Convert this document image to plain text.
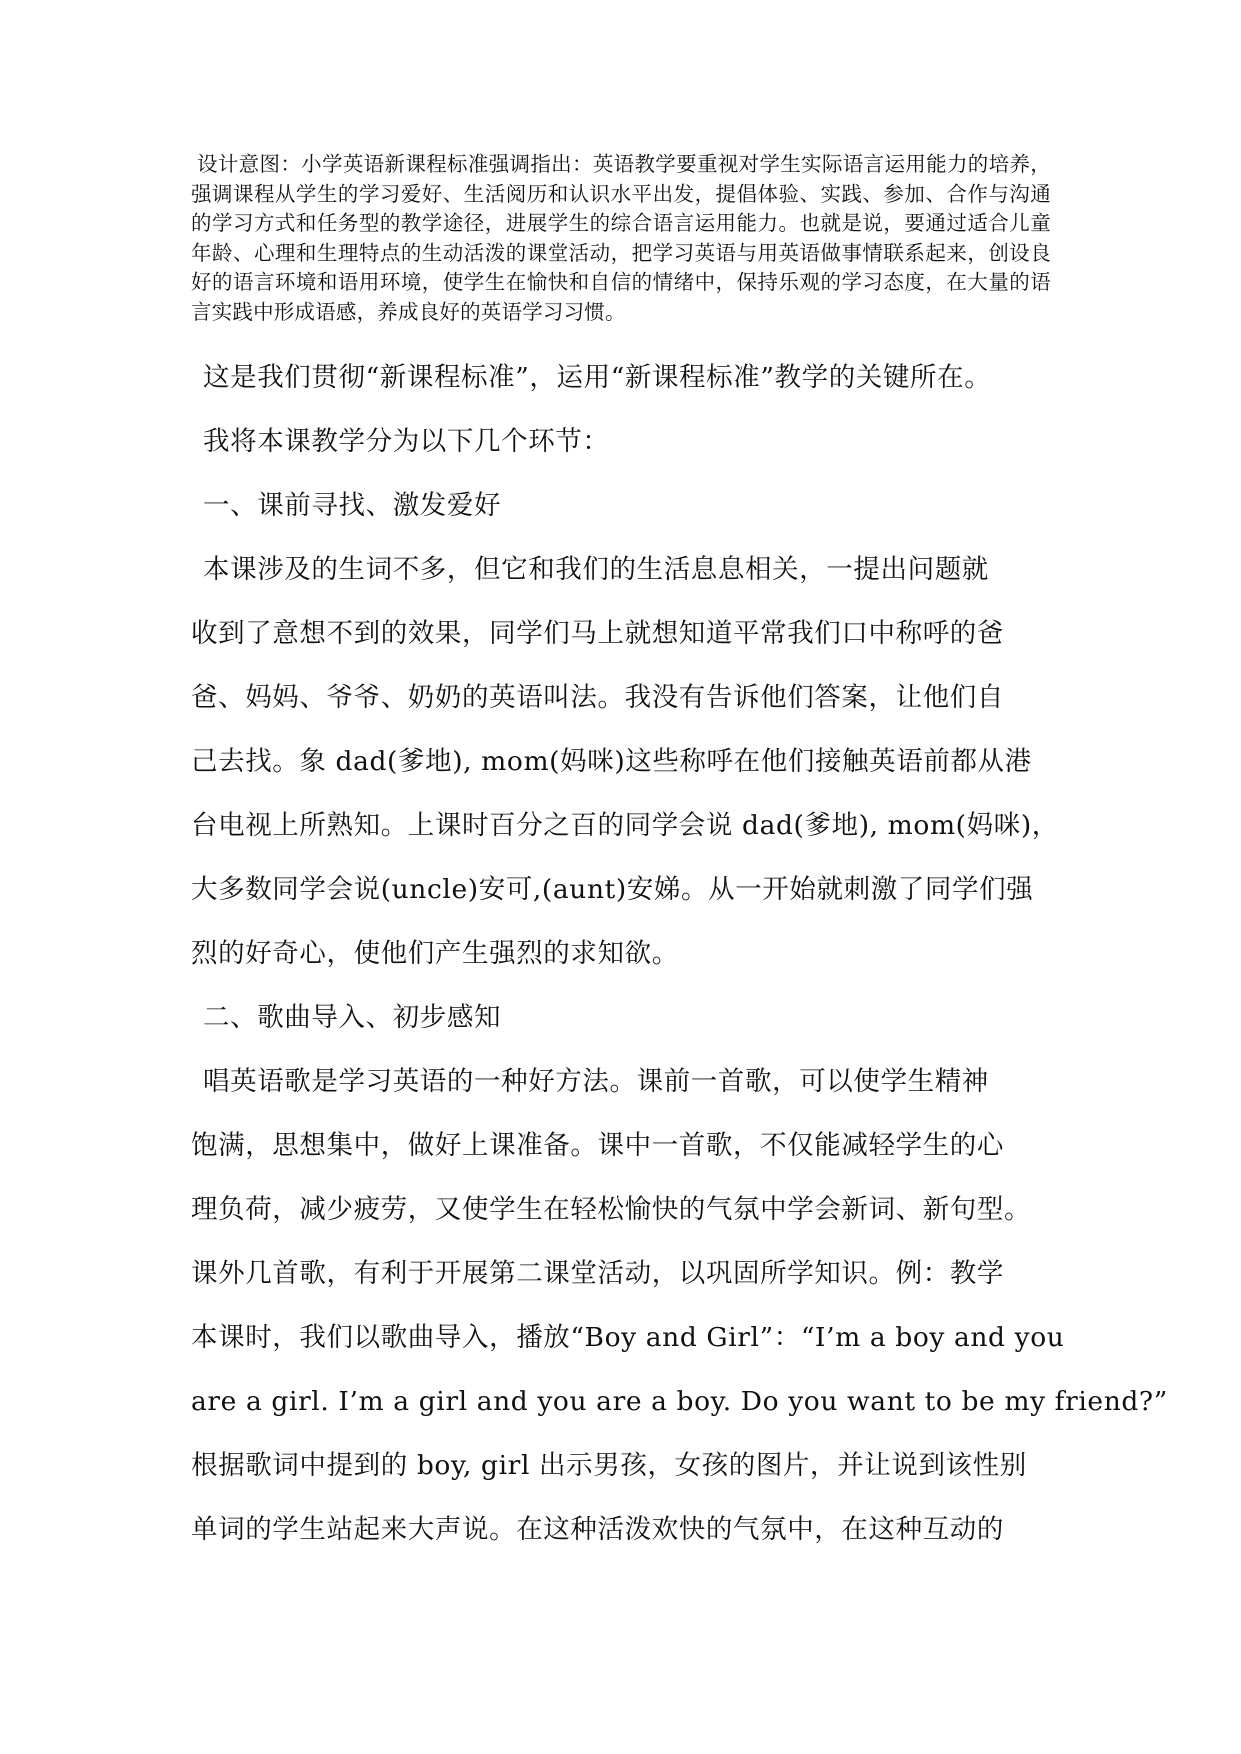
设计意图：小学英语新课程标准强调指出：英语教学要重视对学生实际语言运用能力的培养，强调课程从学生的学习爱好、生活阅历和认识水平出发，提倡体验、实践、参加、合作与沟通的学习方式和任务型的教学途径，进展学生的综合语言运用能力。也就是说，要通过适合儿童年龄、心理和生理特点的生动活泼的课堂活动，把学习英语与用英语做事情联系起来，创设良好的语言环境和语用环境，使学生在愉快和自信的情绪中，保持乐观的学习态度，在大量的语言实践中形成语感，养成良好的英语学习习惯。

这是我们贯彻“新课程标准”，运用“新课程标准”教学的关键所在。
我将本课教学分为以下几个环节：
一、课前寻找、激发爱好
本课涉及的生词不多，但它和我们的生活息息相关，一提出问题就
收到了意想不到的效果，同学们马上就想知道平常我们口中称呼的爸
爸、妈妈、爷爷、奶奶的英语叫法。我没有告诉他们答案，让他们自
己去找。象 dad(爹地), mom(妈咪)这些称呼在他们接触英语前都从港
台电视上所熟知。上课时百分之百的同学会说 dad(爹地), mom(妈咪)，
大多数同学会说(uncle)安可,(aunt)安娣。从一开始就刺激了同学们强
烈的好奇心，使他们产生强烈的求知欲。
二、歌曲导入、初步感知
唱英语歌是学习英语的一种好方法。课前一首歌，可以使学生精神
饱满，思想集中，做好上课准备。课中一首歌，不仅能减轻学生的心
理负荷，减少疲劳，又使学生在轻松愉快的气氛中学会新词、新句型。
课外几首歌，有利于开展第二课堂活动，以巩固所学知识。例：教学
本课时，我们以歌曲导入，播放“Boy and Girl”：“I’m a boy and you
are a girl. I’m a girl and you are a boy. Do you want to be my friend?”
根据歌词中提到的 boy, girl 出示男孩，女孩的图片，并让说到该性别
单词的学生站起来大声说。在这种活泼欢快的气氛中，在这种互动的
